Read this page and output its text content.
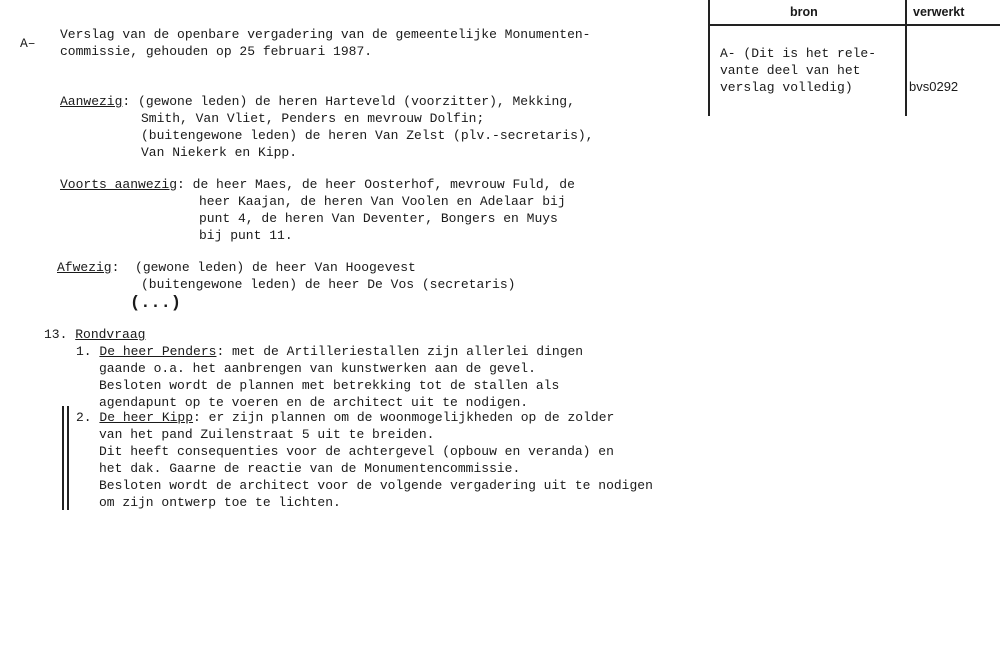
A–
Verslag van de openbare vergadering van de gemeentelijke Monumenten-
commissie, gehouden op 25 februari 1987.
Aanwezig: (gewone leden) de heren Harteveld (voorzitter), Mekking,
Smith, Van Vliet, Penders en mevrouw Dolfin;
(buitengewone leden) de heren Van Zelst (plv.-secretaris),
Van Niekerk en Kipp.
Voorts aanwezig: de heer Maes, de heer Oosterhof, mevrouw Fuld, de
heer Kaajan, de heren Van Voolen en Adelaar bij
punt 4, de heren Van Deventer, Bongers en Muys
bij punt 11.
Afwezig:  (gewone leden) de heer Van Hoogevest
(buitengewone leden) de heer De Vos (secretaris)
(...)
13. Rondvraag
1. De heer Penders: met de Artilleriestallen zijn allerlei dingen
gaande o.a. het aanbrengen van kunstwerken aan de gevel.
Besloten wordt de plannen met betrekking tot de stallen als
agendapunt op te voeren en de architect uit te nodigen.
2. De heer Kipp: er zijn plannen om de woonmogelijkheden op de zolder
van het pand Zuilenstraat 5 uit te breiden.
Dit heeft consequenties voor de achtergevel (opbouw en veranda) en
het dak. Gaarne de reactie van de Monumentencommissie.
Besloten wordt de architect voor de volgende vergadering uit te nodigen
om zijn ontwerp toe te lichten.
bron	verwerkt
A- (Dit is het rele-
vante deel van het
verslag volledig)	bvs0292
